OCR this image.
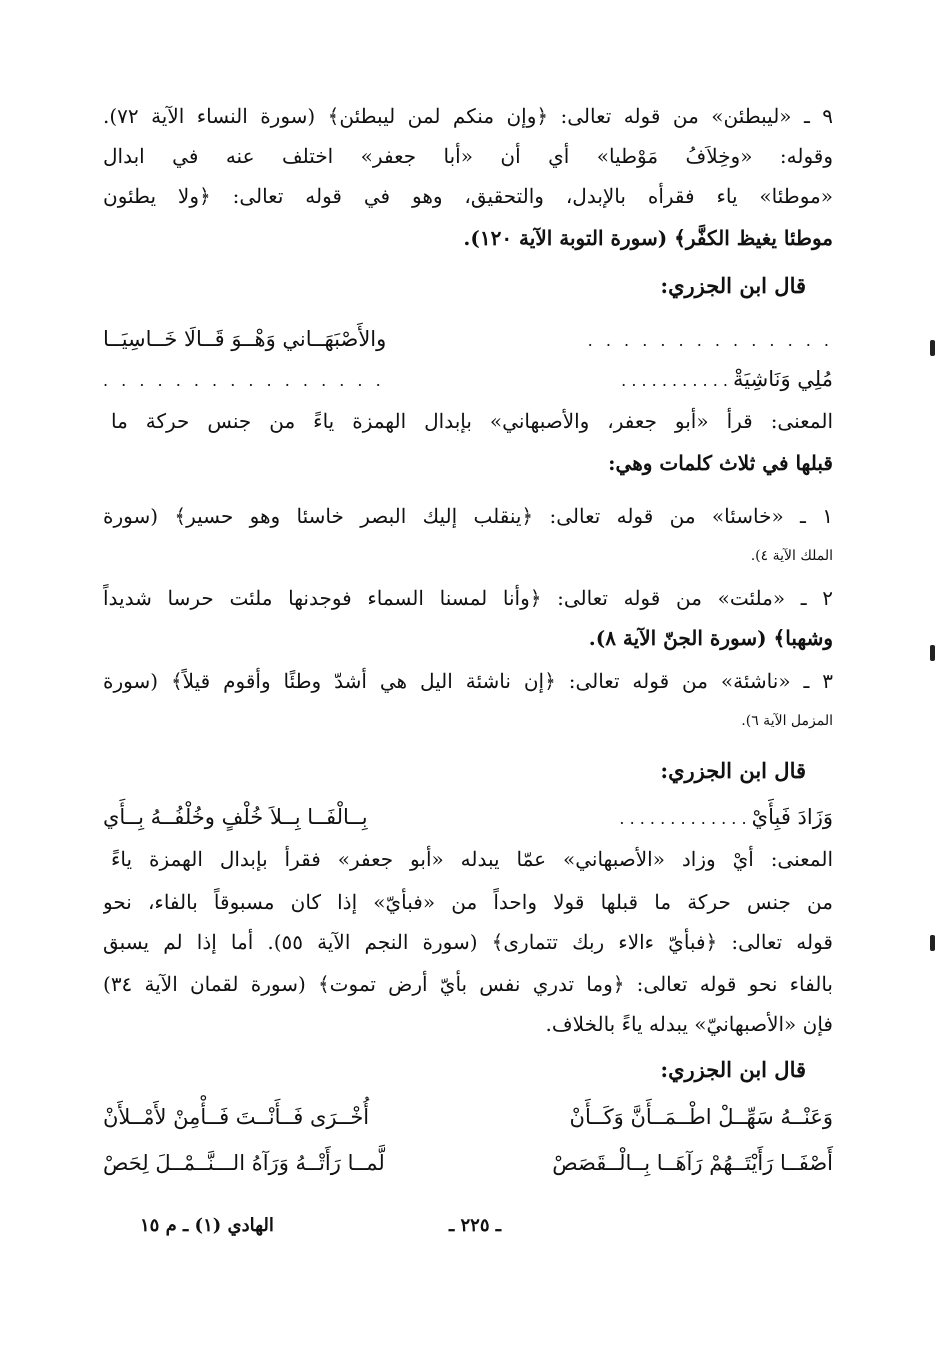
٩ ـ «ليبطئن» من قوله تعالى: ﴿وإن منكم لمن ليبطئن﴾ (سورة النساء الآية ٧٢).
وقوله: «وخِلاَفُ مَوْطيا» أي أن «أبا جعفر» اختلف عنه في ابدال
«موطئا» ياء فقرأه بالإبدل، والتحقيق، وهو في قوله تعالى: ﴿ولا يطئون
موطئا يغيظ الكفَّر﴾ (سورة التوبة الآية ١٢٠).
قال ابن الجزري:
. . . . . . . . . . . . . .
والأَصْبَهَــاني وَهْــوَ قَــالَا خَــاسِيَــا
مُلِي وَنَاشِيَةْ . . . . . . . . . . .
. . . . . . . . . . . . . . . .
المعنى: قرأ «أبو جعفر، والأصبهاني» بإبدال الهمزة ياءً من جنس حركة ما
قبلها في ثلاث كلمات وهي:
١ ـ «خاسئا» من قوله تعالى: ﴿ينقلب إليك البصر خاسئا وهو حسير﴾ (سورة
الملك الآية ٤).
٢ ـ «ملئت» من قوله تعالى: ﴿وأنا لمسنا السماء فوجدنها ملئت حرسا شديداً
وشهبا﴾ (سورة الجنّ الآية ٨).
٣ ـ «ناشئة» من قوله تعالى: ﴿إن ناشئة اليل هي أشدّ وطئًا وأقوم قيلاً﴾ (سورة
المزمل الآية ٦).
قال ابن الجزري:
وَزَادَ فَبِأَيْ . . . . . . . . . . . . .
بِــالْفَــا بِــلاَ خُلْفٍ وخُلْفُــهُ بِــأَي
المعنى: أيْ وزاد «الأصبهاني» عمّا يبدله «أبو جعفر» فقرأ بإبدال الهمزة ياءً
من جنس حركة ما قبلها قولا واحداً من «فبأيّ» إذا كان مسبوقاً بالفاء، نحو
قوله تعالى: ﴿فبأيّ ءالاء ربك تتمارى﴾ (سورة النجم الآية ٥٥). أما إذا لم يسبق
بالفاء نحو قوله تعالى: ﴿وما تدري نفس بأيّ أرض تموت﴾ (سورة لقمان الآية ٣٤)
فإن «الأصبهانيّ» يبدله ياءً بالخلاف.
قال ابن الجزري:
وَعَنْــهُ سَهِّــلْ اطْــمَــأَنَّ وَكَــأَنْ
أُخْــرَى فَــأَنْــتَ فَــأْمِنْ لأَمْــلأَنْ
أَصْفَــا رَأَيْتَــهُمْ رَآهَــا بِــالْــقَصَصْ
لَّمــا رَأَتْــهُ وَرَآهُ الـــنَّــمْــلَ لِحَصْ
ـ ٢٢٥ ـ
الهادي (١) ـ م ١٥
